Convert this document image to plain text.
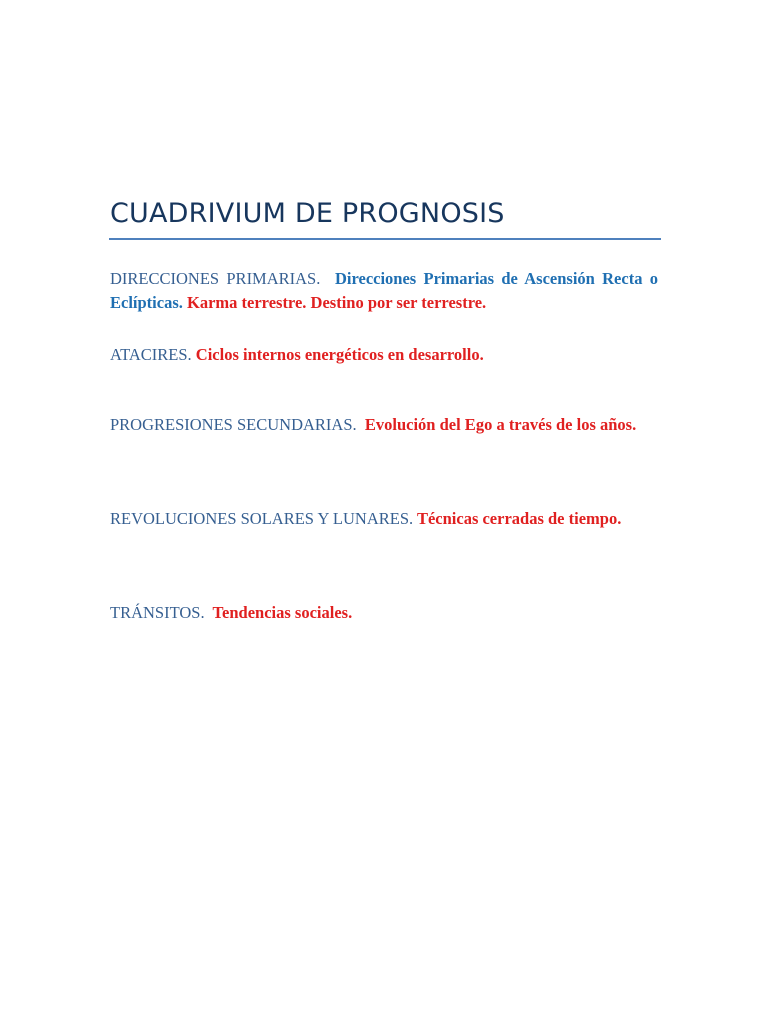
CUADRIVIUM DE PROGNOSIS
DIRECCIONES PRIMARIAS. Direcciones Primarias de Ascensión Recta o Eclípticas. Karma terrestre. Destino por ser terrestre.
ATACIRES. Ciclos internos energéticos en desarrollo.
PROGRESIONES SECUNDARIAS. Evolución del Ego a través de los años.
REVOLUCIONES SOLARES Y LUNARES. Técnicas cerradas de tiempo.
TRÁNSITOS. Tendencias sociales.
